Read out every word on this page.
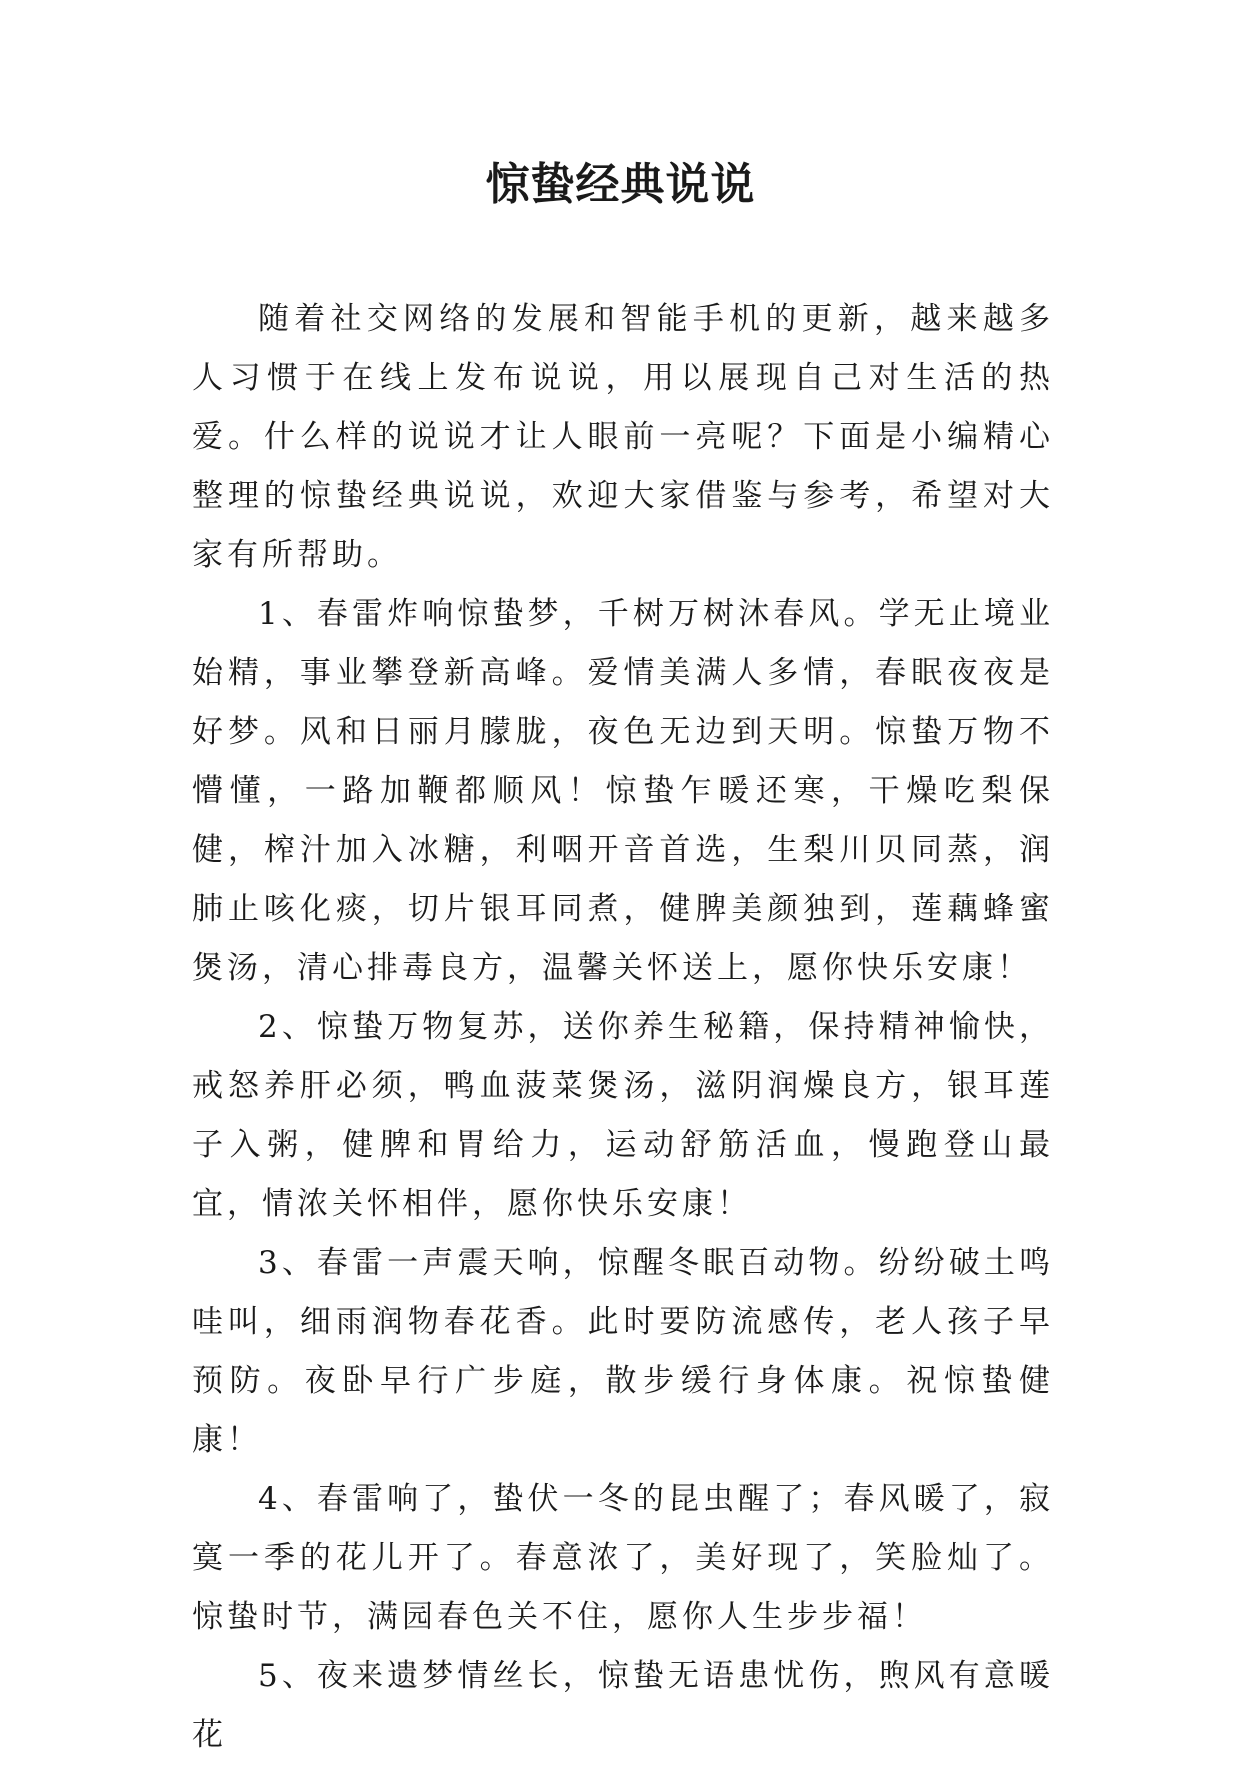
惊蛰经典说说

随着社交网络的发展和智能手机的更新，越来越多人习惯于在线上发布说说，用以展现自己对生活的热爱。什么样的说说才让人眼前一亮呢？下面是小编精心整理的惊蛰经典说说，欢迎大家借鉴与参考，希望对大家有所帮助。

1、春雷炸响惊蛰梦，千树万树沐春风。学无止境业始精，事业攀登新高峰。爱情美满人多情，春眠夜夜是好梦。风和日丽月朦胧，夜色无边到天明。惊蛰万物不懵懂，一路加鞭都顺风！惊蛰乍暖还寒，干燥吃梨保健，榨汁加入冰糖，利咽开音首选，生梨川贝同蒸，润肺止咳化痰，切片银耳同煮，健脾美颜独到，莲藕蜂蜜煲汤，清心排毒良方，温馨关怀送上，愿你快乐安康！

2、惊蛰万物复苏，送你养生秘籍，保持精神愉快，戒怒养肝必须，鸭血菠菜煲汤，滋阴润燥良方，银耳莲子入粥，健脾和胃给力，运动舒筋活血，慢跑登山最宜，情浓关怀相伴，愿你快乐安康！

3、春雷一声震天响，惊醒冬眠百动物。纷纷破土鸣哇叫，细雨润物春花香。此时要防流感传，老人孩子早预防。夜卧早行广步庭，散步缓行身体康。祝惊蛰健康！

4、春雷响了，蛰伏一冬的昆虫醒了；春风暖了，寂寞一季的花儿开了。春意浓了，美好现了，笑脸灿了。惊蛰时节，满园春色关不住，愿你人生步步福！

5、夜来遗梦情丝长，惊蛰无语患忧伤，煦风有意暖花
